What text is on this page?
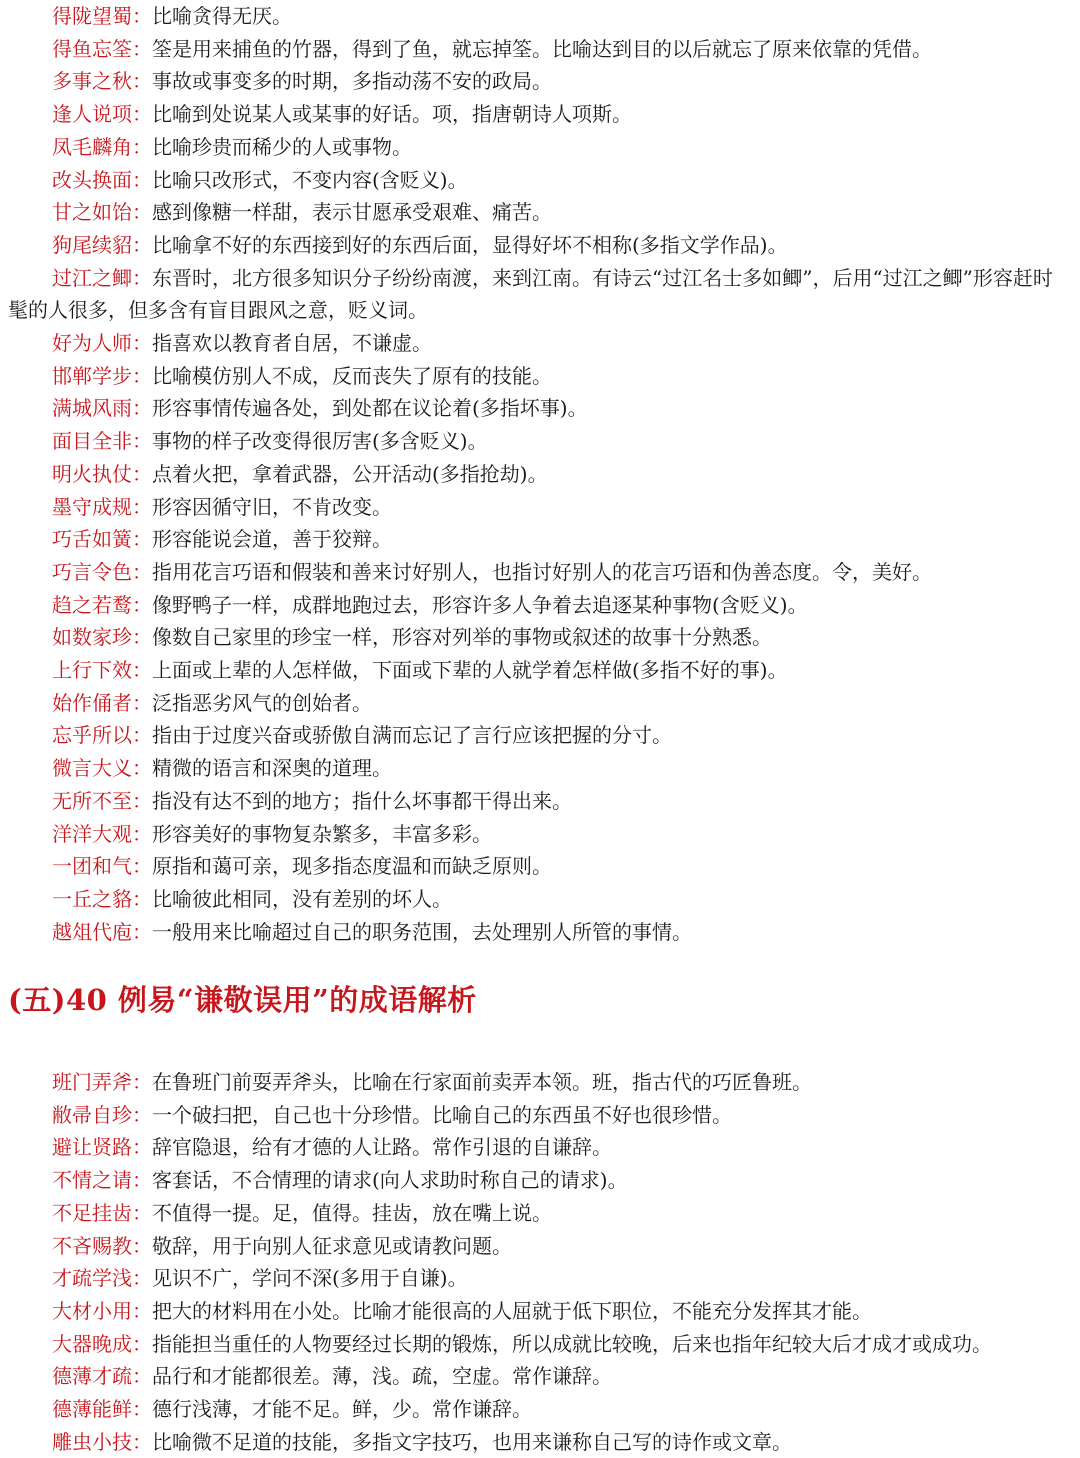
得陇望蜀：比喻贪得无厌。
得鱼忘筌：筌是用来捕鱼的竹器，得到了鱼，就忘掉筌。比喻达到目的以后就忘了原来依靠的凭借。
多事之秋：事故或事变多的时期，多指动荡不安的政局。
逢人说项：比喻到处说某人或某事的好话。项，指唐朝诗人项斯。
凤毛麟角：比喻珍贵而稀少的人或事物。
改头换面：比喻只改形式，不变内容(含贬义)。
甘之如饴：感到像糖一样甜，表示甘愿承受艰难、痛苦。
狗尾续貂：比喻拿不好的东西接到好的东西后面，显得好坏不相称(多指文学作品)。
过江之鲫：东晋时，北方很多知识分子纷纷南渡，来到江南。有诗云“过江名士多如鲫”，后用“过江之鲫”形容赶时髦的人很多，但多含有盲目跟风之意，贬义词。
好为人师：指喜欢以教育者自居，不谦虚。
邯郸学步：比喻模仿别人不成，反而丧失了原有的技能。
满城风雨：形容事情传遍各处，到处都在议论着(多指坏事)。
面目全非：事物的样子改变得很厉害(多含贬义)。
明火执仗：点着火把，拿着武器，公开活动(多指抢劫)。
墨守成规：形容因循守旧，不肯改变。
巧舌如簧：形容能说会道，善于狡辩。
巧言令色：指用花言巧语和假装和善来讨好别人，也指讨好别人的花言巧语和伪善态度。令，美好。
趋之若鹜：像野鸭子一样，成群地跑过去，形容许多人争着去追逐某种事物(含贬义)。
如数家珍：像数自己家里的珍宝一样，形容对列举的事物或叙述的故事十分熟悉。
上行下效：上面或上辈的人怎样做，下面或下辈的人就学着怎样做(多指不好的事)。
始作俑者：泛指恶劣风气的创始者。
忘乎所以：指由于过度兴奋或骄傲自满而忘记了言行应该把握的分寸。
微言大义：精微的语言和深奥的道理。
无所不至：指没有达不到的地方；指什么坏事都干得出来。
洋洋大观：形容美好的事物复杂繁多，丰富多彩。
一团和气：原指和蔼可亲，现多指态度温和而缺乏原则。
一丘之貉：比喻彼此相同，没有差别的坏人。
越俎代庖：一般用来比喻超过自己的职务范围，去处理别人所管的事情。
(五)40 例易“谦敬误用”的成语解析
班门弄斧：在鲁班门前耍弄斧头，比喻在行家面前卖弄本领。班，指古代的巧匠鲁班。
敝帚自珍：一个破扫把，自己也十分珍惜。比喻自己的东西虽不好也很珍惜。
避让贤路：辞官隐退，给有才德的人让路。常作引退的自谦辞。
不情之请：客套话，不合情理的请求(向人求助时称自己的请求)。
不足挂齿：不值得一提。足，值得。挂齿，放在嘴上说。
不吝赐教：敬辞，用于向别人征求意见或请教问题。
才疏学浅：见识不广，学问不深(多用于自谦)。
大材小用：把大的材料用在小处。比喻才能很高的人屈就于低下职位，不能充分发挥其才能。
大器晚成：指能担当重任的人物要经过长期的锻炼，所以成就比较晚，后来也指年纪较大后才成才或成功。
德薄才疏：品行和才能都很差。薄，浅。疏，空虚。常作谦辞。
德薄能鲜：德行浅薄，才能不足。鲜，少。常作谦辞。
雕虫小技：比喻微不足道的技能，多指文字技巧，也用来谦称自己写的诗作或文章。
